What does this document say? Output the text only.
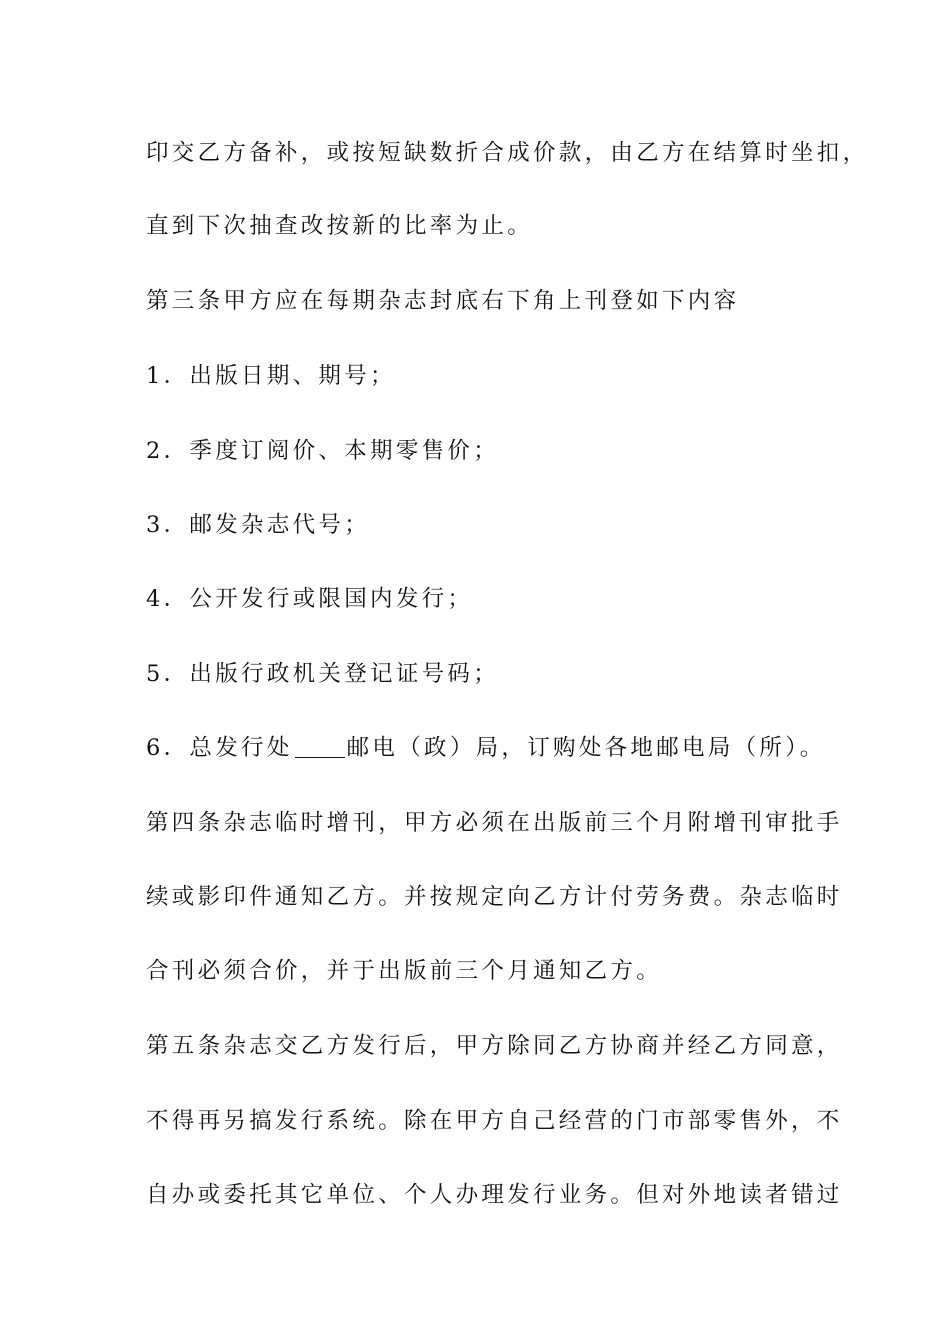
印交乙方备补，或按短缺数折合成价款，由乙方在结算时坐扣，
直到下次抽查改按新的比率为止。
第三条甲方应在每期杂志封底右下角上刊登如下内容
1．出版日期、期号；
2．季度订阅价、本期零售价；
3．邮发杂志代号；
4．公开发行或限国内发行；
5．出版行政机关登记证号码；
6．总发行处 邮电（政）局，订购处各地邮电局（所）。
第四条杂志临时增刊，甲方必须在出版前三个月附增刊审批手
续或影印件通知乙方。并按规定向乙方计付劳务费。杂志临时
合刊必须合价，并于出版前三个月通知乙方。
第五条杂志交乙方发行后，甲方除同乙方协商并经乙方同意，
不得再另搞发行系统。除在甲方自己经营的门市部零售外，不
自办或委托其它单位、个人办理发行业务。但对外地读者错过
